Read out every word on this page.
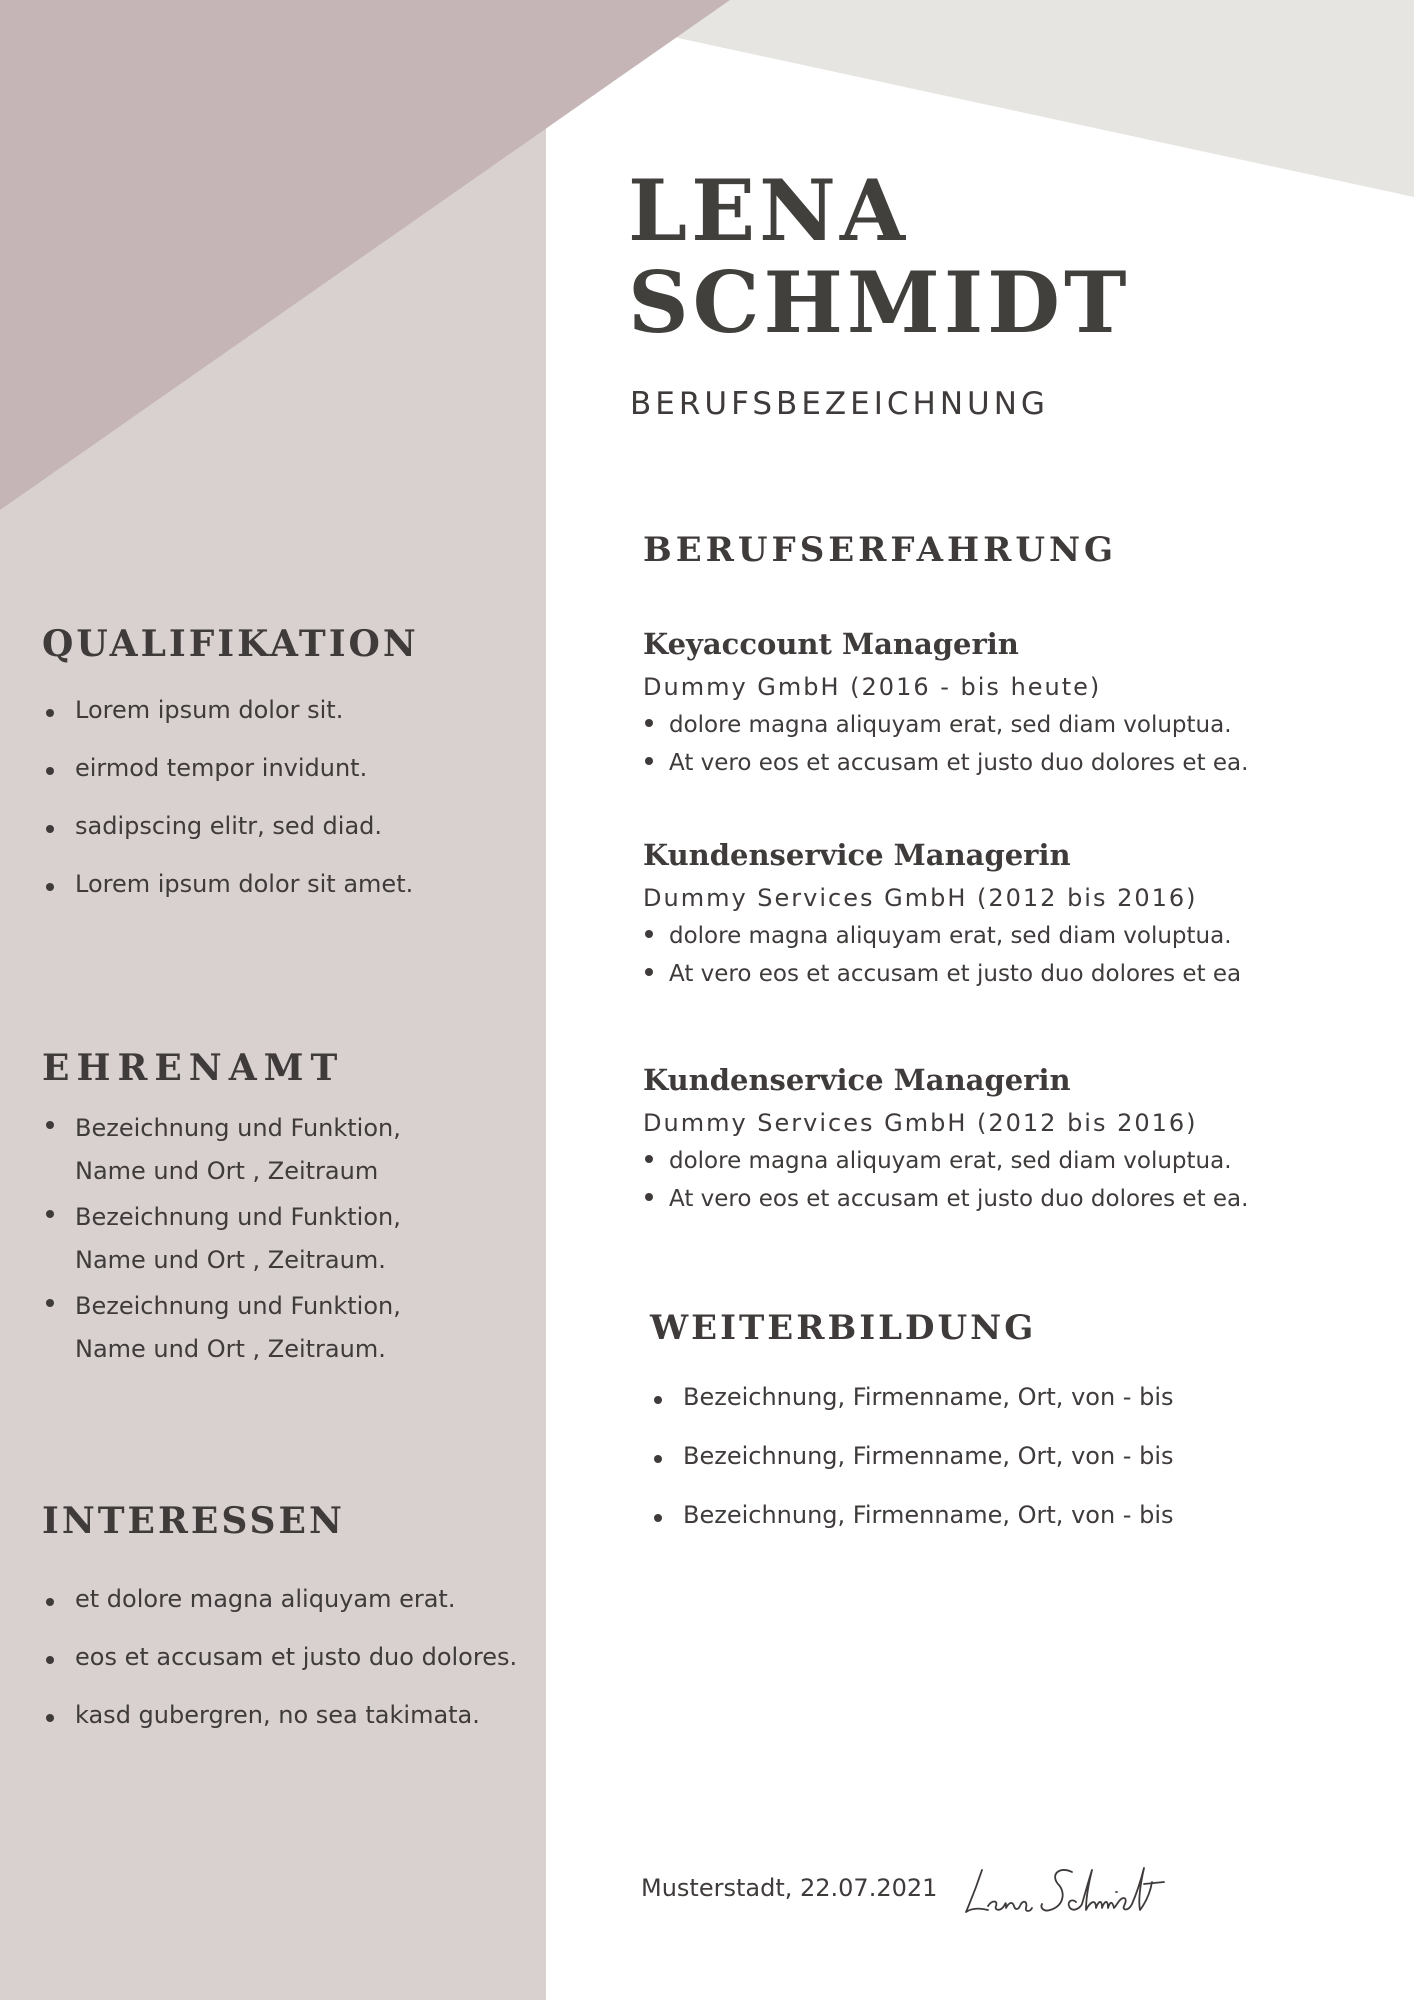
LENA
SCHMIDT
BERUFSBEZEICHNUNG
QUALIFIKATION
Lorem ipsum dolor sit.
eirmod tempor invidunt.
sadipscing elitr, sed diad.
Lorem ipsum dolor sit amet.
EHRENAMT
Bezeichnung und Funktion,
Name und Ort , Zeitraum
Bezeichnung und Funktion,
Name und Ort , Zeitraum.
Bezeichnung und Funktion,
Name und Ort , Zeitraum.
INTERESSEN
et dolore magna aliquyam erat.
eos et accusam et justo duo dolores.
kasd gubergren, no sea takimata.
BERUFSERFAHRUNG
Keyaccount Managerin
Dummy GmbH (2016 - bis heute)
dolore magna aliquyam erat, sed diam voluptua.
At vero eos et accusam et justo duo dolores et ea.
Kundenservice Managerin
Dummy Services GmbH (2012 bis 2016)
dolore magna aliquyam erat, sed diam voluptua.
At vero eos et accusam et justo duo dolores et ea
Kundenservice Managerin
Dummy Services GmbH (2012 bis 2016)
dolore magna aliquyam erat, sed diam voluptua.
At vero eos et accusam et justo duo dolores et ea.
WEITERBILDUNG
Bezeichnung, Firmenname, Ort, von - bis
Bezeichnung, Firmenname, Ort, von - bis
Bezeichnung, Firmenname, Ort, von - bis
Musterstadt, 22.07.2021
